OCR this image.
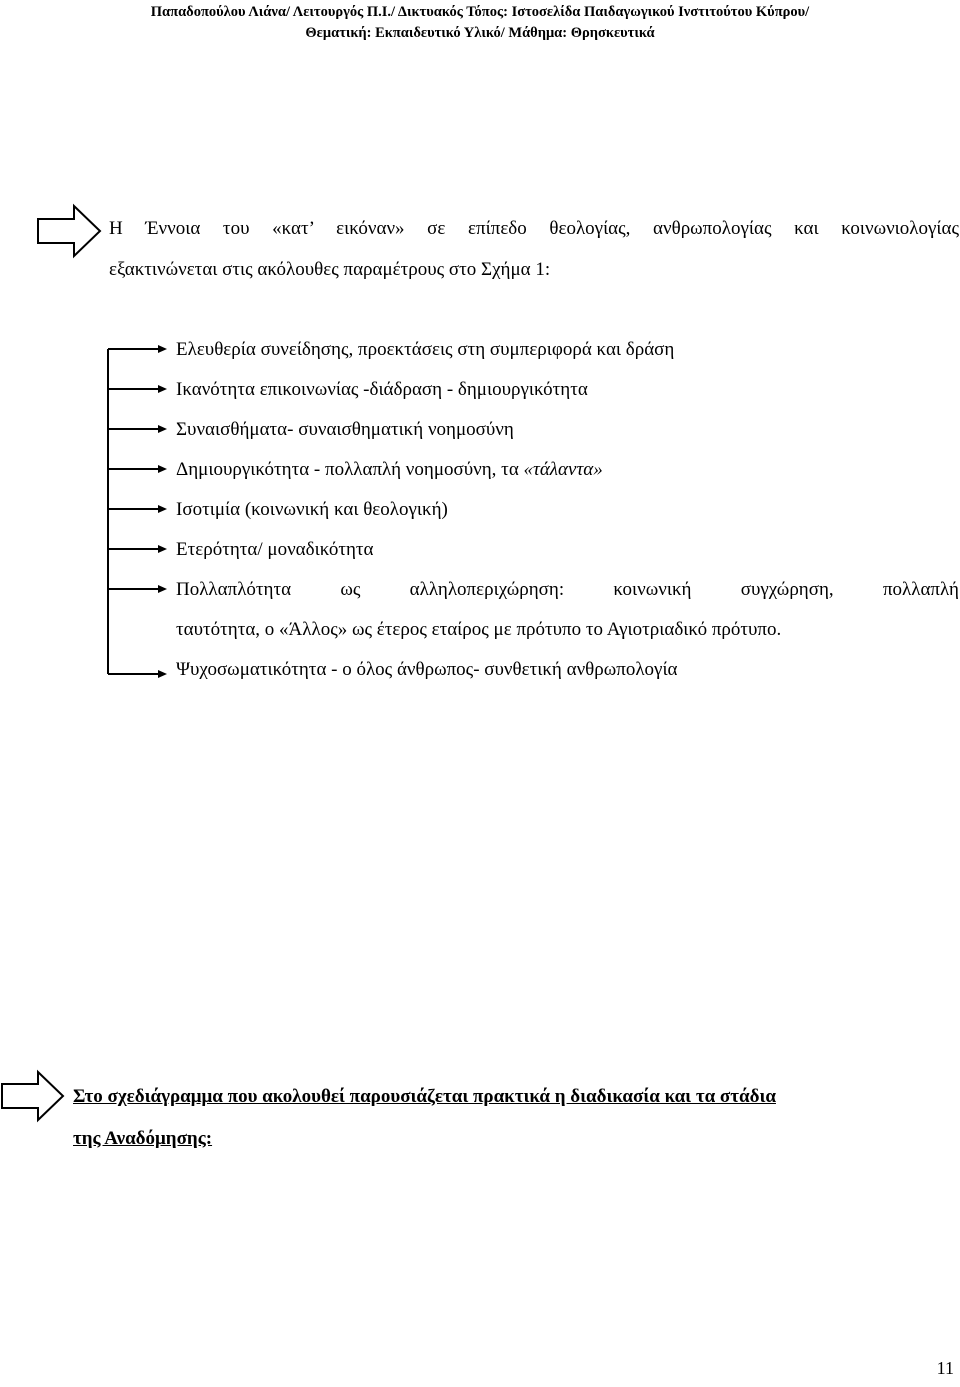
Παπαδοπούλου Λιάνα/ Λειτουργός Π.Ι./ Δικτυακός Τόπος: Ιστοσελίδα Παιδαγωγικού Ινστιτούτου Κύπρου/
Θεματική: Εκπαιδευτικό Υλικό/ Μάθημα: Θρησκευτικά
Η Έννοια του «κατ’ εικόναν» σε επίπεδο θεολογίας, ανθρωπολογίας και κοινωνιολογίας
εξακτινώνεται στις ακόλουθες παραμέτρους στο Σχήμα 1:
Ελευθερία συνείδησης, προεκτάσεις στη συμπεριφορά και δράση
Ικανότητα επικοινωνίας -διάδραση - δημιουργικότητα
Συναισθήματα- συναισθηματική νοημοσύνη
Δημιουργικότητα - πολλαπλή νοημοσύνη, τα «τάλαντα»
Ισοτιμία (κοινωνική και θεολογική)
Ετερότητα/ μοναδικότητα
Πολλαπλότητα ως αλληλοπεριχώρηση: κοινωνική συγχώρηση, πολλαπλή
ταυτότητα, ο «Άλλος» ως έτερος εταίρος με πρότυπο το Αγιοτριαδικό πρότυπο.
Ψυχοσωματικότητα - ο όλος άνθρωπος- συνθετική ανθρωπολογία
Στο σχεδιάγραμμα που ακολουθεί παρουσιάζεται πρακτικά η διαδικασία και τα στάδια
της Αναδόμησης:
11
